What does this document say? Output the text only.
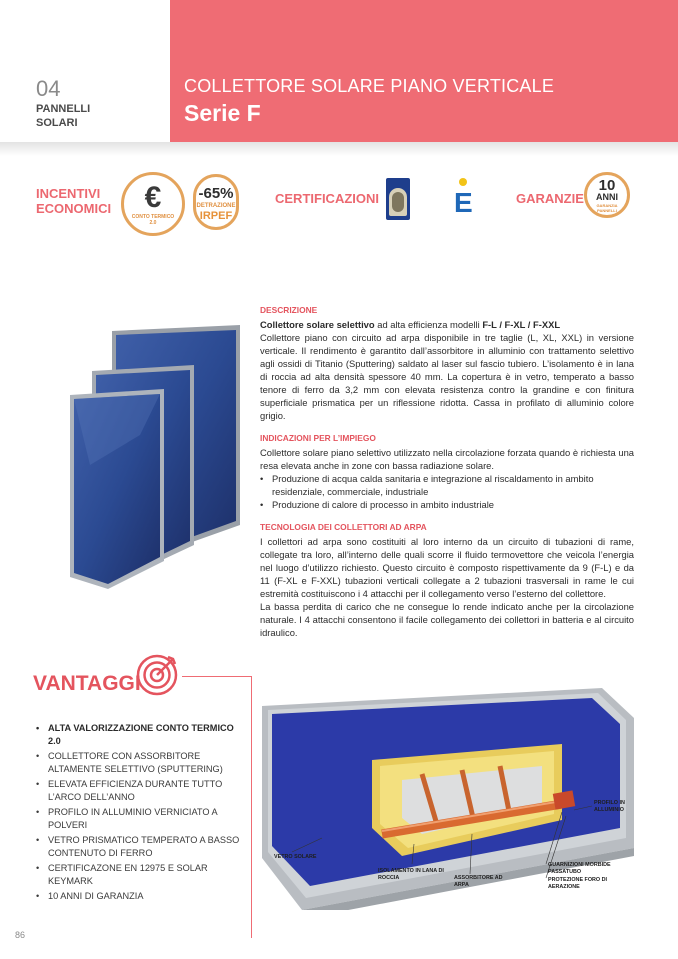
04
PANNELLI
SOLARI
COLLETTORE SOLARE PIANO VERTICALE
Serie F
INCENTIVI
ECONOMICI	€
CONTO TERMICO
2.0
-65%
DETRAZIONE
IRPEF
CERTIFICAZIONI	E	GARANZIE
10
ANNI
GARANZIA
PANNELLI
DESCRIZIONE
Collettore solare selettivo ad alta efficienza modelli F-L / F-XL / F-XXL
Collettore piano con circuito ad arpa disponibile in tre taglie (L, XL, XXL) in versione verticale. Il rendimento è garantito dall’assorbitore in alluminio con trattamento selettivo agli ossidi di Titanio (Sputtering) saldato al laser sul fascio tubiero. L’isolamento è in lana di roccia ad alta densità spessore 40 mm. La copertura è in vetro, temperato a basso tenore di ferro da 3,2 mm con elevata resistenza contro la grandine e con finitura superficiale prismatica per un riflessione ridotta. Cassa in profilato di alluminio colore grigio.
INDICAZIONI PER L’IMPIEGO
Collettore solare piano selettivo utilizzato nella circolazione forzata quando è richiesta una resa elevata anche in zone con bassa radiazione solare.
• Produzione di acqua calda sanitaria e integrazione al riscaldamento in ambito residenziale, commerciale, industriale
• Produzione di calore di processo in ambito industriale
TECNOLOGIA DEI COLLETTORI AD ARPA
I collettori ad arpa sono costituiti al loro interno da un circuito di tubazioni di rame, collegate tra loro, all’interno delle quali scorre il fluido termovettore che veicola l’energia nel luogo d’utilizzo richiesto. Questo circuito è composto rispettivamente da 9 (F-L) e da 11 (F-XL e F-XXL) tubazioni verticali collegate a 2 tubazioni trasversali in rame le cui estremità costituiscono i 4 attacchi per il collegamento verso l’esterno del collettore.
La bassa perdita di carico che ne consegue lo rende indicato anche per la circolazione naturale. I 4 attacchi consentono il facile collegamento dei collettori in batteria e al circuito idraulico.
VANTAGGI
• ALTA VALORIZZAZIONE CONTO TERMICO 2.0
• COLLETTORE CON ASSORBITORE ALTAMENTE SELETTIVO (SPUTTERING)
• ELEVATA EFFICIENZA DURANTE TUTTO L’ARCO DELL’ANNO
• PROFILO IN ALLUMINIO VERNICIATO A POLVERI
• VETRO PRISMATICO TEMPERATO A BASSO CONTENUTO DI FERRO
• CERTIFICAZONE EN 12975 E SOLAR KEYMARK
• 10 ANNI DI GARANZIA
VETRO SOLARE
ISOLAMENTO IN LANA DI
ROCCIA	ASSORBITORE AD
ARPA
PROFILO IN
ALLUMINIO
GUARNIZIONI MORBIDE
PASSATUBO
PROTEZIONE FORO DI
AERAZIONE
86
